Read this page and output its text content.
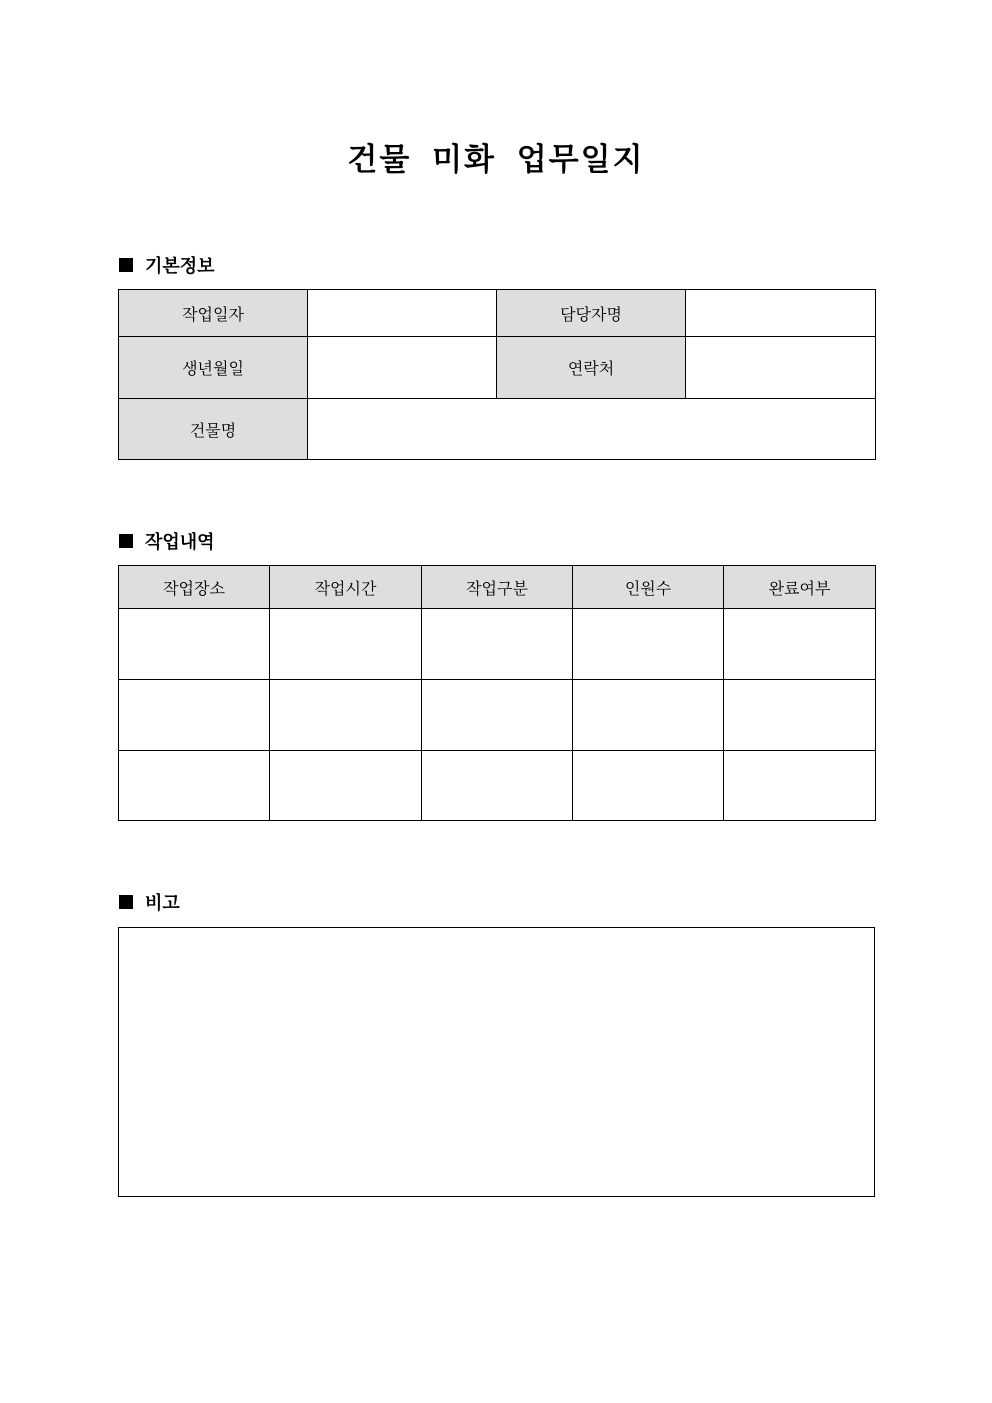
건물 미화 업무일지
기본정보
작업일자		담당자명	
생년월일		연락처	
건물명			
작업내역
작업장소	작업시간	작업구분	인원수	완료여부

비고
